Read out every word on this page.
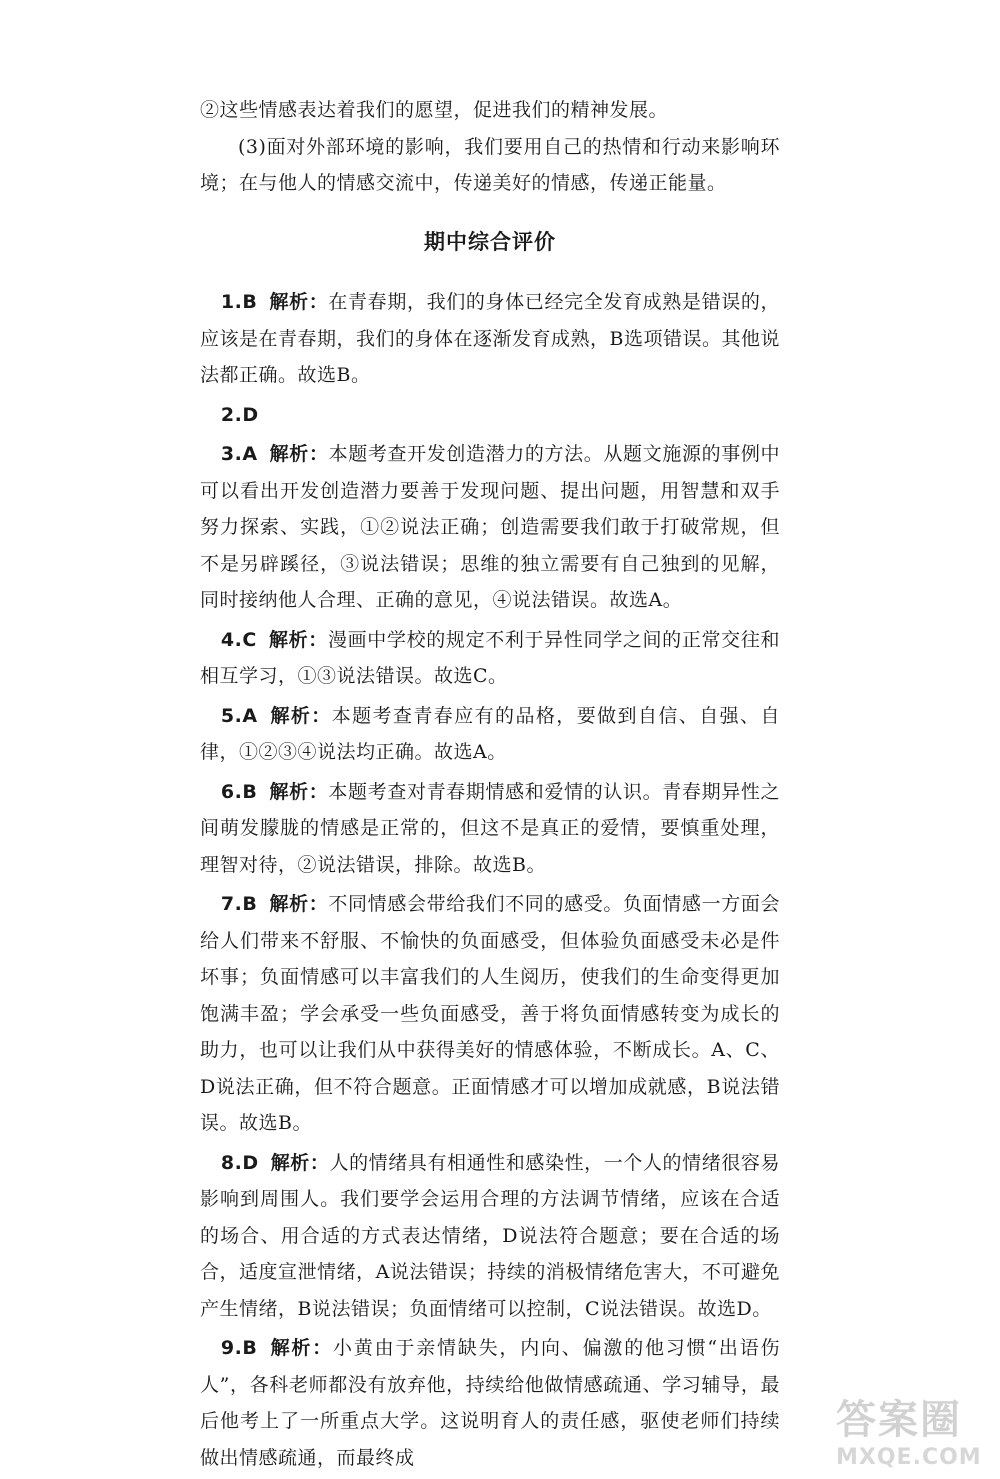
②这些情感表达着我们的愿望，促进我们的精神发展。

(3)面对外部环境的影响，我们要用自己的热情和行动来影响环境；在与他人的情感交流中，传递美好的情感，传递正能量。

期中综合评价

1.B 解析：在青春期，我们的身体已经完全发育成熟是错误的，应该是在青春期，我们的身体在逐渐发育成熟，B选项错误。其他说法都正确。故选B。

2.D

3.A 解析：本题考查开发创造潜力的方法。从题文施源的事例中可以看出开发创造潜力要善于发现问题、提出问题，用智慧和双手努力探索、实践，①②说法正确；创造需要我们敢于打破常规，但不是另辟蹊径，③说法错误；思维的独立需要有自己独到的见解，同时接纳他人合理、正确的意见，④说法错误。故选A。

4.C 解析：漫画中学校的规定不利于异性同学之间的正常交往和相互学习，①③说法错误。故选C。

5.A 解析：本题考查青春应有的品格，要做到自信、自强、自律，①②③④说法均正确。故选A。

6.B 解析：本题考查对青春期情感和爱情的认识。青春期异性之间萌发朦胧的情感是正常的，但这不是真正的爱情，要慎重处理，理智对待，②说法错误，排除。故选B。

7.B 解析：不同情感会带给我们不同的感受。负面情感一方面会给人们带来不舒服、不愉快的负面感受，但体验负面感受未必是件坏事；负面情感可以丰富我们的人生阅历，使我们的生命变得更加饱满丰盈；学会承受一些负面感受，善于将负面情感转变为成长的助力，也可以让我们从中获得美好的情感体验，不断成长。A、C、D说法正确，但不符合题意。正面情感才可以增加成就感，B说法错误。故选B。

8.D 解析：人的情绪具有相通性和感染性，一个人的情绪很容易影响到周围人。我们要学会运用合理的方法调节情绪，应该在合适的场合、用合适的方式表达情绪，D说法符合题意；要在合适的场合，适度宣泄情绪，A说法错误；持续的消极情绪危害大，不可避免产生情绪，B说法错误；负面情绪可以控制，C说法错误。故选D。

9.B 解析：小黄由于亲情缺失，内向、偏激的他习惯“出语伤人”，各科老师都没有放弃他，持续给他做情感疏通、学习辅导，最后他考上了一所重点大学。这说明育人的责任感，驱使老师们持续做出情感疏通，而最终成

答案圈
MXQE.COM
